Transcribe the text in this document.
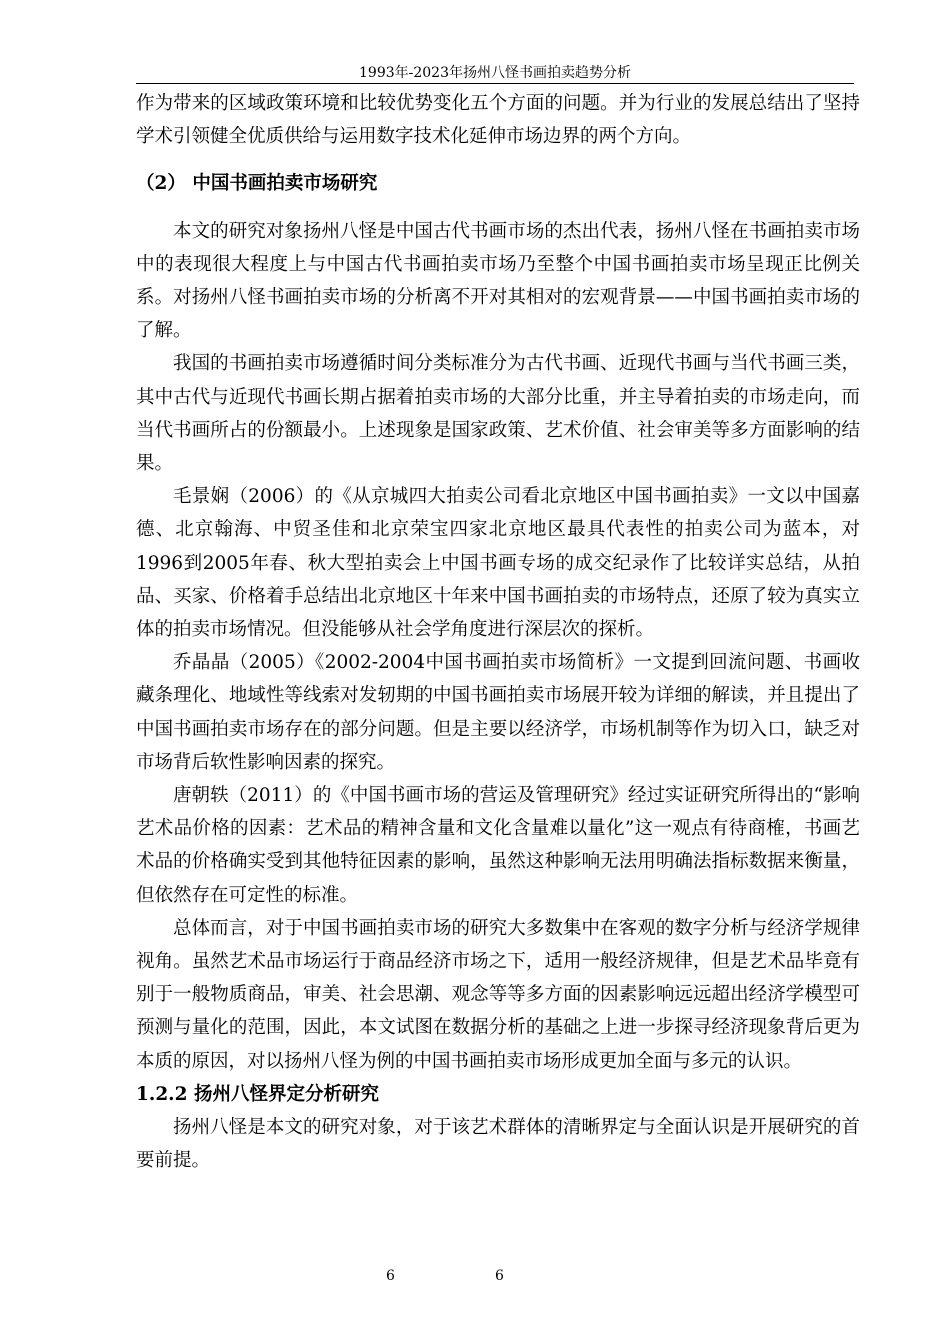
1993年-2023年扬州八怪书画拍卖趋势分析

作为带来的区域政策环境和比较优势变化五个方面的问题。并为行业的发展总结出了坚持学术引领健全优质供给与运用数字技术化延伸市场边界的两个方向。

（2） 中国书画拍卖市场研究

本文的研究对象扬州八怪是中国古代书画市场的杰出代表，扬州八怪在书画拍卖市场中的表现很大程度上与中国古代书画拍卖市场乃至整个中国书画拍卖市场呈现正比例关系。对扬州八怪书画拍卖市场的分析离不开对其相对的宏观背景——中国书画拍卖市场的了解。

我国的书画拍卖市场遵循时间分类标准分为古代书画、近现代书画与当代书画三类，其中古代与近现代书画长期占据着拍卖市场的大部分比重，并主导着拍卖的市场走向，而当代书画所占的份额最小。上述现象是国家政策、艺术价值、社会审美等多方面影响的结果。

毛景娴（2006）的《从京城四大拍卖公司看北京地区中国书画拍卖》一文以中国嘉德、北京翰海、中贸圣佳和北京荣宝四家北京地区最具代表性的拍卖公司为蓝本，对1996到2005年春、秋大型拍卖会上中国书画专场的成交纪录作了比较详实总结，从拍品、买家、价格着手总结出北京地区十年来中国书画拍卖的市场特点，还原了较为真实立体的拍卖市场情况。但没能够从社会学角度进行深层次的探析。

乔晶晶（2005）《2002-2004中国书画拍卖市场简析》一文提到回流问题、书画收藏条理化、地域性等线索对发轫期的中国书画拍卖市场展开较为详细的解读，并且提出了中国书画拍卖市场存在的部分问题。但是主要以经济学，市场机制等作为切入口，缺乏对市场背后软性影响因素的探究。

唐朝轶（2011）的《中国书画市场的营运及管理研究》经过实证研究所得出的“影响艺术品价格的因素：艺术品的精神含量和文化含量难以量化”这一观点有待商榷，书画艺术品的价格确实受到其他特征因素的影响，虽然这种影响无法用明确法指标数据来衡量，但依然存在可定性的标准。

总体而言，对于中国书画拍卖市场的研究大多数集中在客观的数字分析与经济学规律视角。虽然艺术品市场运行于商品经济市场之下，适用一般经济规律，但是艺术品毕竟有别于一般物质商品，审美、社会思潮、观念等等多方面的因素影响远远超出经济学模型可预测与量化的范围，因此，本文试图在数据分析的基础之上进一步探寻经济现象背后更为本质的原因，对以扬州八怪为例的中国书画拍卖市场形成更加全面与多元的认识。

1.2.2 扬州八怪界定分析研究

扬州八怪是本文的研究对象，对于该艺术群体的清晰界定与全面认识是开展研究的首要前提。

6	6
